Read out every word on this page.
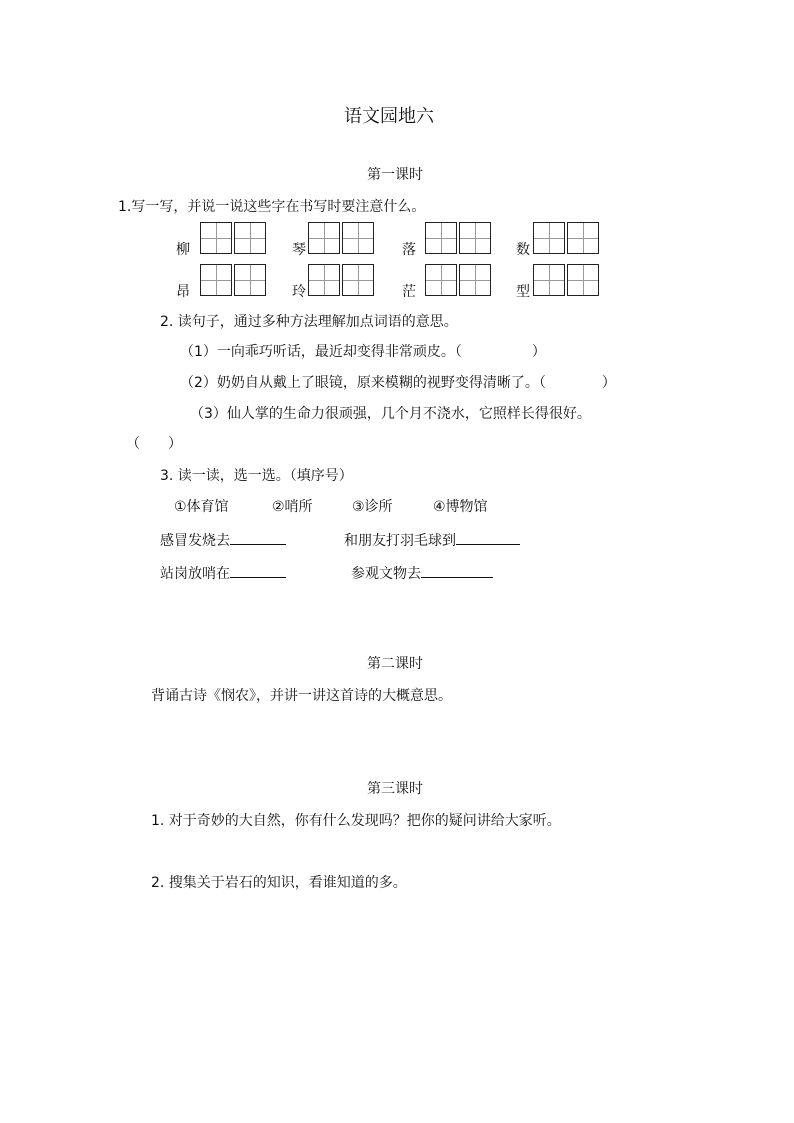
语文园地六
第一课时
1.写一写，并说一说这些字在书写时要注意什么。
柳	琴	落	数
昂	玲	茫	型
2. 读句子，通过多种方法理解加点词语的意思。
（1）一向乖巧听话，最近却变得非常顽皮。（　　　　　）
（2）奶奶自从戴上了眼镜，原来模糊的视野变得清晰了。（　　　　）
（3）仙人掌的生命力很顽强，几个月不浇水，它照样长得很好。
（　　）
3. 读一读，选一选。（填序号）
①体育馆	②哨所	③诊所	④博物馆
感冒发烧去	和朋友打羽毛球到
站岗放哨在	参观文物去
第二课时
背诵古诗《悯农》，并讲一讲这首诗的大概意思。
第三课时
1. 对于奇妙的大自然，你有什么发现吗？把你的疑问讲给大家听。
2. 搜集关于岩石的知识，看谁知道的多。
